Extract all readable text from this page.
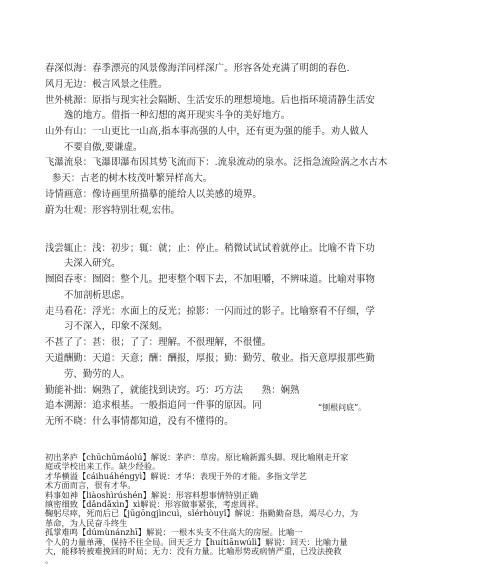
春深似海：春季漂亮的风景像海洋同样深广。形容各处充满了明朗的春色.
风月无边：极言风景之佳胜。
世外桃源：原指与现实社会隔断、生活安乐的理想境地。后也指环境清静生活安
逸的地方。借指一种幻想的离开现实斗争的美好地方。
山外有山：一山更比一山高,指本事高强的人中，还有更为强的能手。劝人做人
不要自傲,要谦虚。
飞瀑流泉：飞瀑即瀑布因其势飞流而下：.流泉流动的泉水。泛指急流险涡之水古木
参天：古老的树木枝茂叶繁异样高大。
诗情画意：像诗画里所描摹的能给人以美感的境界。
蔚为壮观：形容特别壮观,宏伟。
浅尝辄止：浅：初步；辄：就；止：停止。稍微试试试着就停止。比喻不肯下功
夫深入研究。
囫囵吞枣：囫囵：整个儿。把枣整个咽下去，不加咀嚼，不辨味道。比喻对事物
不加剖析思虑。
走马看花：浮光：水面上的反光；掠影：一闪而过的影子。比喻察看不仔细，学
习不深入，印象不深刻。
不甚了了：甚：很；了了：理解。不很理解，不很懂。
天道酬勤：天道：天意；酬：酬报，厚报；勤：勤劳、敬业。指天意厚报那些勤
劳、勤劳的人。
勤能补拙：娴熟了，就能找到诀窍。巧：巧方法　　熟：娴熟
追本溯源：追求根基。一般指追问一件事的原因。同	“刨根问底”。
无所不晓：什么事情都知道，没有不懂得的。
初出茅庐【chūchūmáolú】解说：茅庐：草房。原比喻新露头脚。现比喻刚走开家
庭或学校出来工作。缺少经验。
才华横溢【cáihuáhéngyì】解说：才华：表现于外的才能。多指文学艺
术方面而言，很有才华。
料事如神【liàoshìrúshén】解说：形容料想事情特别正确
缜密细致【dǎndǎxìn】xì解说：形容做事紧张，考虑周祥。
鞠躬尽瘁，死而后已【jūgōngjìncuì，sǐérhòuyǐ】解说：指勤勤奋恳，竭尽心力，为
革命，为人民奋斗终生
孤掌难鸣【dúmùnánzhī】解说：一根木头支不住高大的房屋。比喻一
个人的力量单薄，保持不住全局。回天乏力【huítiānwúlì】解说：回天：比喻力量
大，能移转被难挽回的时局；无力：没有力量。比喻形势或病情严重，已没法挽救
。
